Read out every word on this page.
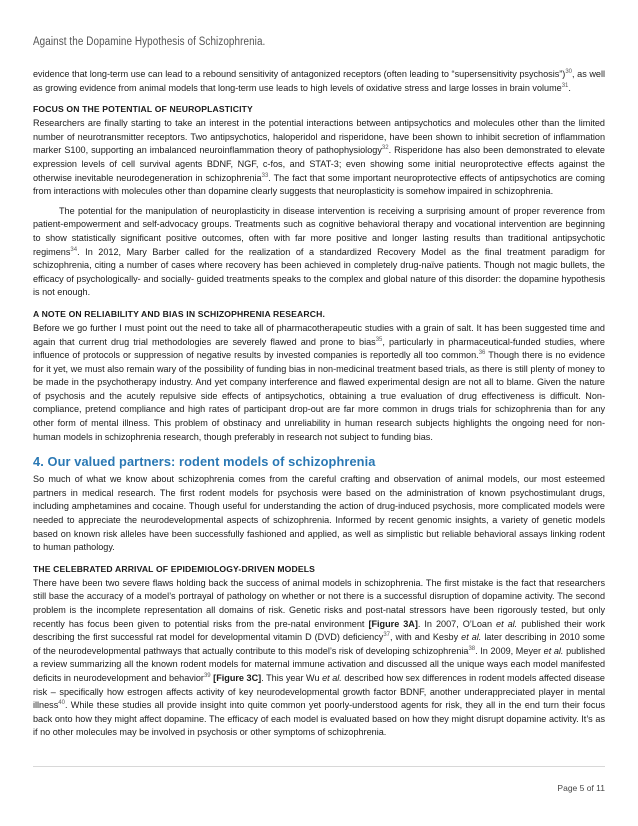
Against the Dopamine Hypothesis of Schizophrenia.

evidence that long-term use can lead to a rebound sensitivity of antagonized receptors (often leading to “supersensitivity psychosis”)$^{30}$, as well as growing evidence from animal models that long-term use leads to high levels of oxidative stress and large losses in brain volume$^{31}$.

FOCUS ON THE POTENTIAL OF NEUROPLASTICITY

Researchers are finally starting to take an interest in the potential interactions between antipsychotics and molecules other than the limited number of neurotransmitter receptors. Two antipsychotics, haloperidol and risperidone, have been shown to inhibit secretion of inflammation marker S100, supporting an imbalanced neuroinflammation theory of pathophysiology$^{32}$. Risperidone has also been demonstrated to elevate expression levels of cell survival agents BDNF, NGF, c-fos, and STAT-3; even showing some initial neuroprotective effects against the otherwise inevitable neurodegeneration in schizophrenia$^{33}$. The fact that some important neuroprotective effects of antipsychotics are coming from interactions with molecules other than dopamine clearly suggests that neuroplasticity is somehow impaired in schizophrenia.

The potential for the manipulation of neuroplasticity in disease intervention is receiving a surprising amount of proper reverence from patient-empowerment and self-advocacy groups. Treatments such as cognitive behavioral therapy and vocational intervention are beginning to show statistically significant positive outcomes, often with far more positive and longer lasting results than traditional antipsychotic regimens$^{34}$. In 2012, Mary Barber called for the realization of a standardized Recovery Model as the final treatment paradigm for schizophrenia, citing a number of cases where recovery has been achieved in completely drug-naïve patients. Though not magic bullets, the efficacy of psychologically- and socially- guided treatments speaks to the complex and global nature of this disorder: the dopamine hypothesis is not enough.

A NOTE ON RELIABILITY AND BIAS IN SCHIZOPHRENIA RESEARCH.

Before we go further I must point out the need to take all of pharmacotherapeutic studies with a grain of salt. It has been suggested time and again that current drug trial methodologies are severely flawed and prone to bias$^{35}$, particularly in pharmaceutical-funded studies, where influence of protocols or suppression of negative results by invested companies is reportedly all too common.$^{36}$ Though there is no evidence for it yet, we must also remain wary of the possibility of funding bias in non-medicinal treatment based trials, as there is still plenty of money to be made in the psychotherapy industry. And yet company interference and flawed experimental design are not all to blame. Given the nature of psychosis and the acutely repulsive side effects of antipsychotics, obtaining a true evaluation of drug effectiveness is difficult. Non-compliance, pretend compliance and high rates of participant drop-out are far more common in drugs trials for schizophrenia than for any other form of mental illness. This problem of obstinacy and unreliability in human research subjects highlights the ongoing need for non-human models in schizophrenia research, though preferably in research not subject to funding bias.

4. Our valued partners: rodent models of schizophrenia

So much of what we know about schizophrenia comes from the careful crafting and observation of animal models, our most esteemed partners in medical research. The first rodent models for psychosis were based on the administration of known psychostimulant drugs, including amphetamines and cocaine. Though useful for understanding the action of drug-induced psychosis, more complicated models were needed to appreciate the neurodevelopmental aspects of schizophrenia. Informed by recent genomic insights, a variety of genetic models based on known risk alleles have been successfully fashioned and applied, as well as simplistic but reliable behavioral assays linking rodent to human pathology.

THE CELEBRATED ARRIVAL OF EPIDEMIOLOGY-DRIVEN MODELS

There have been two severe flaws holding back the success of animal models in schizophrenia. The first mistake is the fact that researchers still base the accuracy of a model’s portrayal of pathology on whether or not there is a successful disruption of dopamine activity. The second problem is the incomplete representation all domains of risk. Genetic risks and post-natal stressors have been rigorously tested, but only recently has focus been given to potential risks from the pre-natal environment [Figure 3A]. In 2007, O’Loan et al. published their work describing the first successful rat model for developmental vitamin D (DVD) deficiency$^{37}$, with and Kesby et al. later describing in 2010 some of the neurodevelopmental pathways that actually contribute to this model’s risk of developing schizophrenia$^{38}$. In 2009, Meyer et al. published a review summarizing all the known rodent models for maternal immune activation and discussed all the unique ways each model manifested deficits in neurodevelopment and behavior$^{39}$ [Figure 3C]. This year Wu et al. described how sex differences in rodent models affected disease risk – specifically how estrogen affects activity of key neurodevelopmental growth factor BDNF, another underappreciated player in mental illness$^{40}$. While these studies all provide insight into quite common yet poorly-understood agents for risk, they all in the end turn their focus back onto how they might affect dopamine. The efficacy of each model is evaluated based on how they might disrupt dopamine activity. It’s as if no other molecules may be involved in psychosis or other symptoms of schizophrenia.

Page 5 of 11
